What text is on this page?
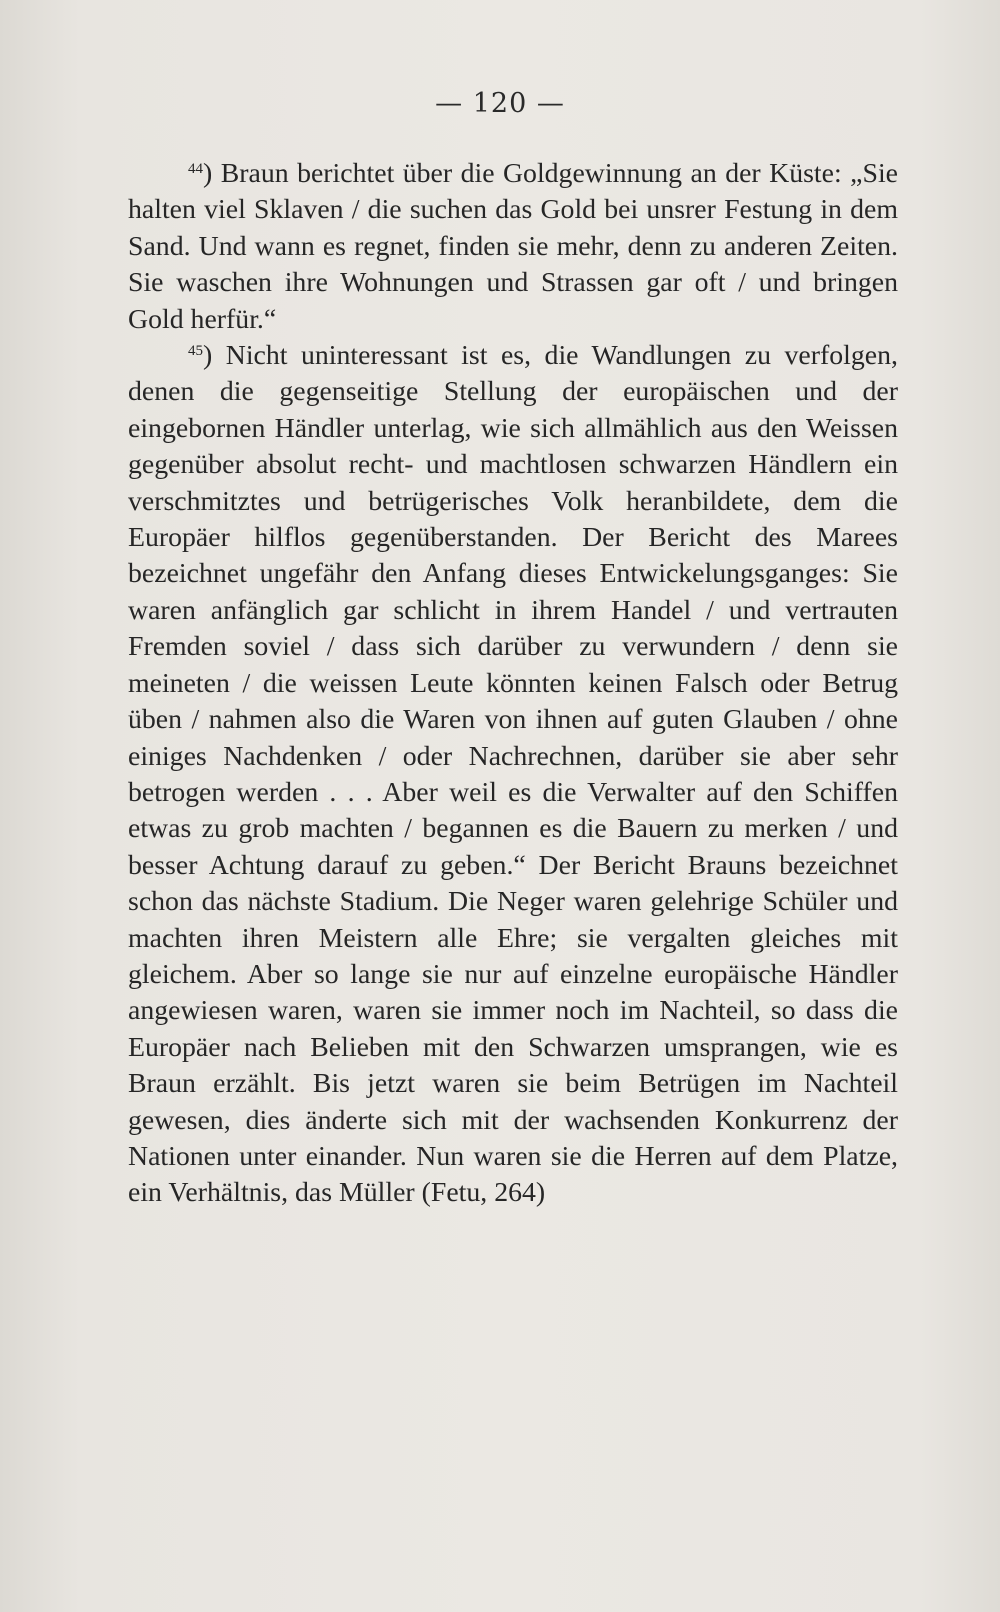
— 120 —

$^{44}$) Braun berichtet über die Goldgewinnung an der Küste: „Sie halten viel Sklaven / die suchen das Gold bei unsrer Festung in dem Sand. Und wann es regnet, finden sie mehr, denn zu anderen Zeiten. Sie waschen ihre Wohnungen und Strassen gar oft / und bringen Gold herfür.“

$^{45}$) Nicht uninteressant ist es, die Wandlungen zu verfolgen, denen die gegenseitige Stellung der europäischen und der eingebornen Händler unterlag, wie sich allmählich aus den Weissen gegenüber absolut recht- und machtlosen schwarzen Händlern ein verschmitztes und betrügerisches Volk heranbildete, dem die Europäer hilflos gegenüberstanden. Der Bericht des Marees bezeichnet ungefähr den Anfang dieses Entwickelungsganges: Sie waren anfänglich gar schlicht in ihrem Handel / und vertrauten Fremden soviel / dass sich darüber zu verwundern / denn sie meineten / die weissen Leute könnten keinen Falsch oder Betrug üben / nahmen also die Waren von ihnen auf guten Glauben / ohne einiges Nachdenken / oder Nachrechnen, darüber sie aber sehr betrogen werden . . . Aber weil es die Verwalter auf den Schiffen etwas zu grob machten / begannen es die Bauern zu merken / und besser Achtung darauf zu geben.“ Der Bericht Brauns bezeichnet schon das nächste Stadium. Die Neger waren gelehrige Schüler und machten ihren Meistern alle Ehre; sie vergalten gleiches mit gleichem. Aber so lange sie nur auf einzelne europäische Händler angewiesen waren, waren sie immer noch im Nachteil, so dass die Europäer nach Belieben mit den Schwarzen umsprangen, wie es Braun erzählt. Bis jetzt waren sie beim Betrügen im Nachteil gewesen, dies änderte sich mit der wachsenden Konkurrenz der Nationen unter einander. Nun waren sie die Herren auf dem Platze, ein Verhältnis, das Müller (Fetu, 264)
